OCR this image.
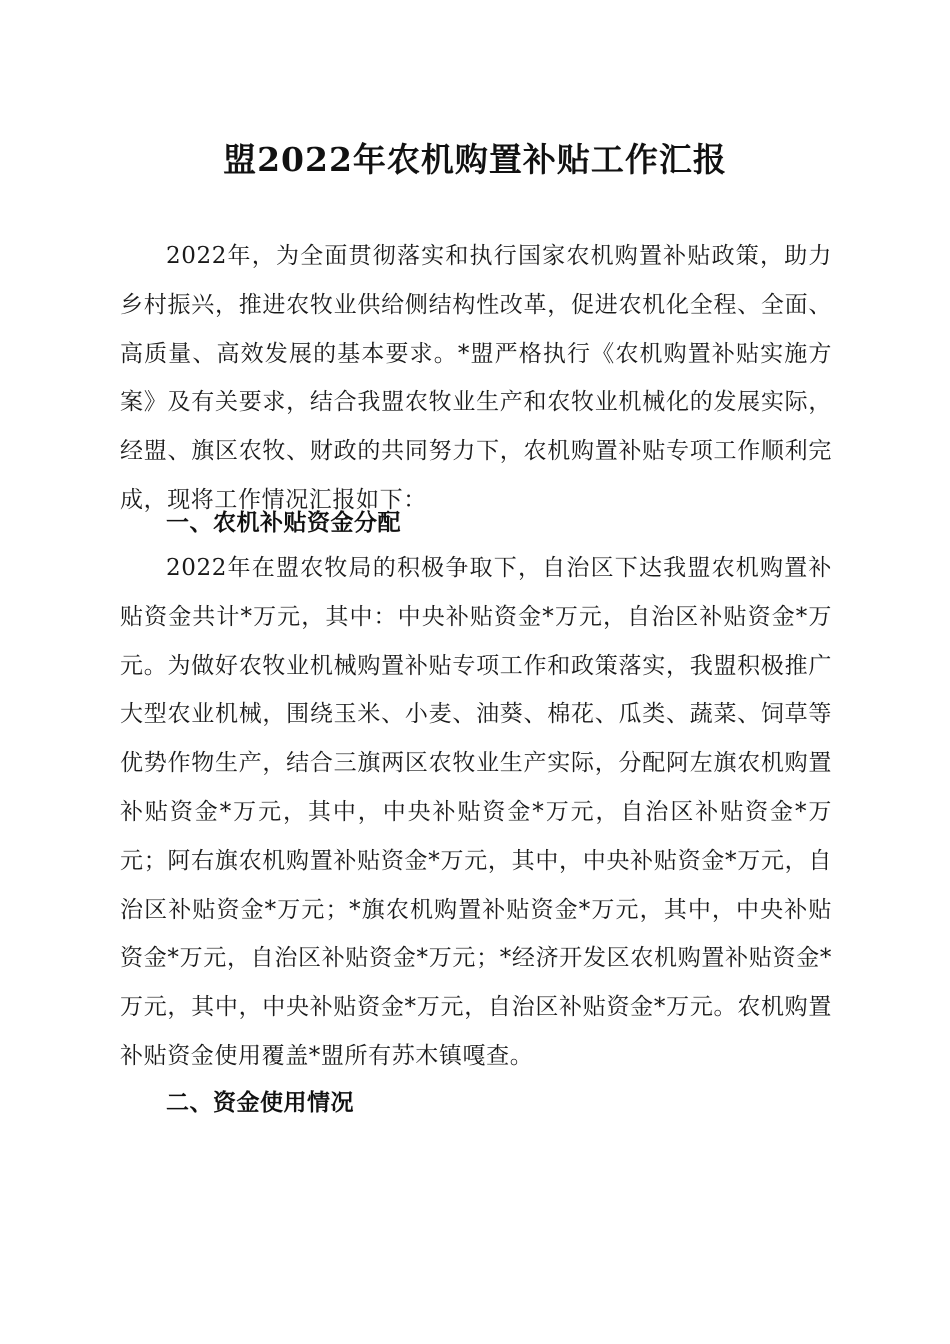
盟2022年农机购置补贴工作汇报

2022年，为全面贯彻落实和执行国家农机购置补贴政策，助力乡村振兴，推进农牧业供给侧结构性改革，促进农机化全程、全面、高质量、高效发展的基本要求。*盟严格执行《农机购置补贴实施方案》及有关要求，结合我盟农牧业生产和农牧业机械化的发展实际，经盟、旗区农牧、财政的共同努力下，农机购置补贴专项工作顺利完成，现将工作情况汇报如下：

一、农机补贴资金分配

2022年在盟农牧局的积极争取下，自治区下达我盟农机购置补贴资金共计*万元，其中：中央补贴资金*万元，自治区补贴资金*万元。为做好农牧业机械购置补贴专项工作和政策落实，我盟积极推广大型农业机械，围绕玉米、小麦、油葵、棉花、瓜类、蔬菜、饲草等优势作物生产，结合三旗两区农牧业生产实际，分配阿左旗农机购置补贴资金*万元，其中，中央补贴资金*万元，自治区补贴资金*万元；阿右旗农机购置补贴资金*万元，其中，中央补贴资金*万元，自治区补贴资金*万元；*旗农机购置补贴资金*万元，其中，中央补贴资金*万元，自治区补贴资金*万元；*经济开发区农机购置补贴资金*万元，其中，中央补贴资金*万元，自治区补贴资金*万元。农机购置补贴资金使用覆盖*盟所有苏木镇嘎查。

二、资金使用情况
